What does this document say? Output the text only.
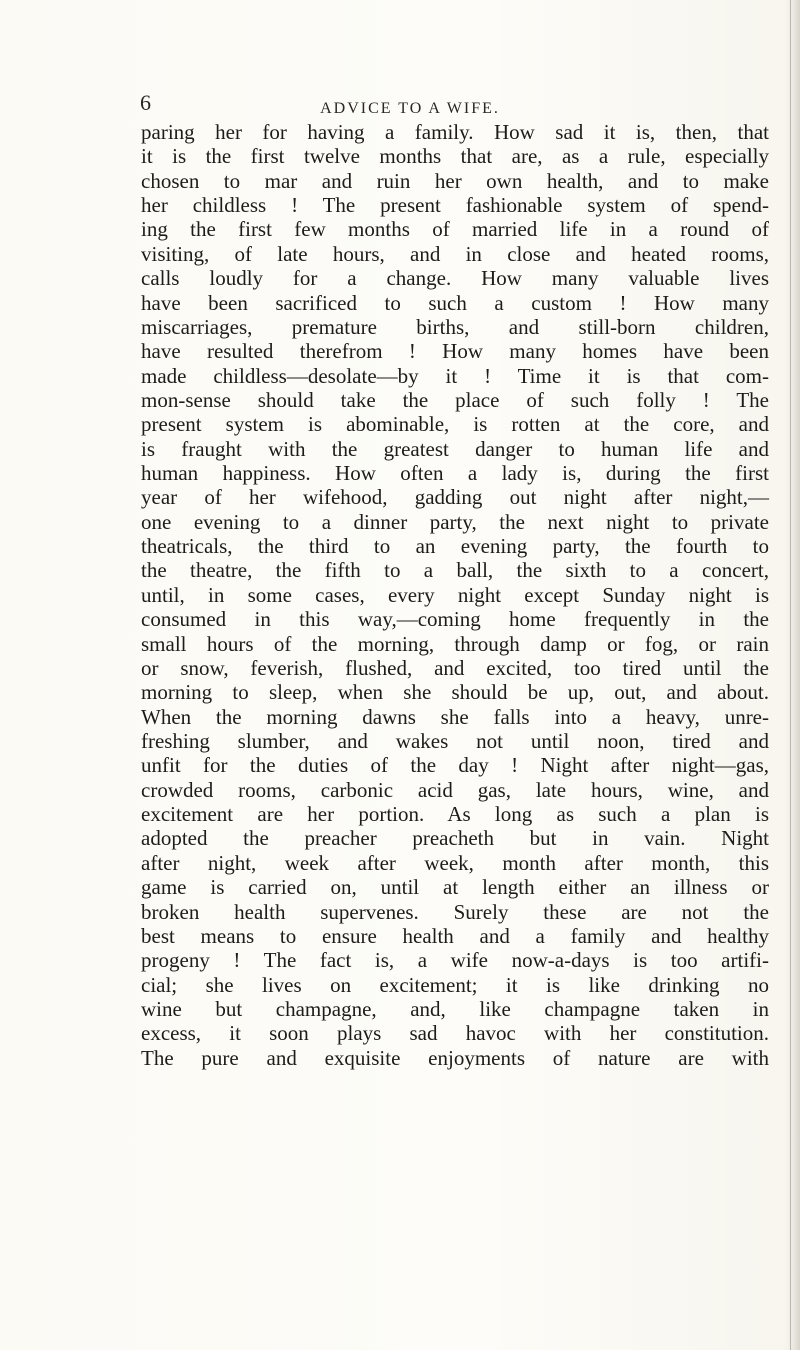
6	ADVICE TO A WIFE.
paring her for having a family. How sad it is, then, that
it is the first twelve months that are, as a rule, especially
chosen to mar and ruin her own health, and to make
her childless ! The present fashionable system of spend-
ing the first few months of married life in a round of
visiting, of late hours, and in close and heated rooms,
calls loudly for a change. How many valuable lives
have been sacrificed to such a custom ! How many
miscarriages, premature births, and still-born children,
have resulted therefrom ! How many homes have been
made childless—desolate—by it ! Time it is that com-
mon-sense should take the place of such folly ! The
present system is abominable, is rotten at the core, and
is fraught with the greatest danger to human life and
human happiness. How often a lady is, during the first
year of her wifehood, gadding out night after night,—
one evening to a dinner party, the next night to private
theatricals, the third to an evening party, the fourth to
the theatre, the fifth to a ball, the sixth to a concert,
until, in some cases, every night except Sunday night is
consumed in this way,—coming home frequently in the
small hours of the morning, through damp or fog, or rain
or snow, feverish, flushed, and excited, too tired until the
morning to sleep, when she should be up, out, and about.
When the morning dawns she falls into a heavy, unre-
freshing slumber, and wakes not until noon, tired and
unfit for the duties of the day ! Night after night—gas,
crowded rooms, carbonic acid gas, late hours, wine, and
excitement are her portion. As long as such a plan is
adopted the preacher preacheth but in vain. Night
after night, week after week, month after month, this
game is carried on, until at length either an illness or
broken health supervenes. Surely these are not the
best means to ensure health and a family and healthy
progeny ! The fact is, a wife now-a-days is too artifi-
cial; she lives on excitement; it is like drinking no
wine but champagne, and, like champagne taken in
excess, it soon plays sad havoc with her constitution.
The pure and exquisite enjoyments of nature are with
